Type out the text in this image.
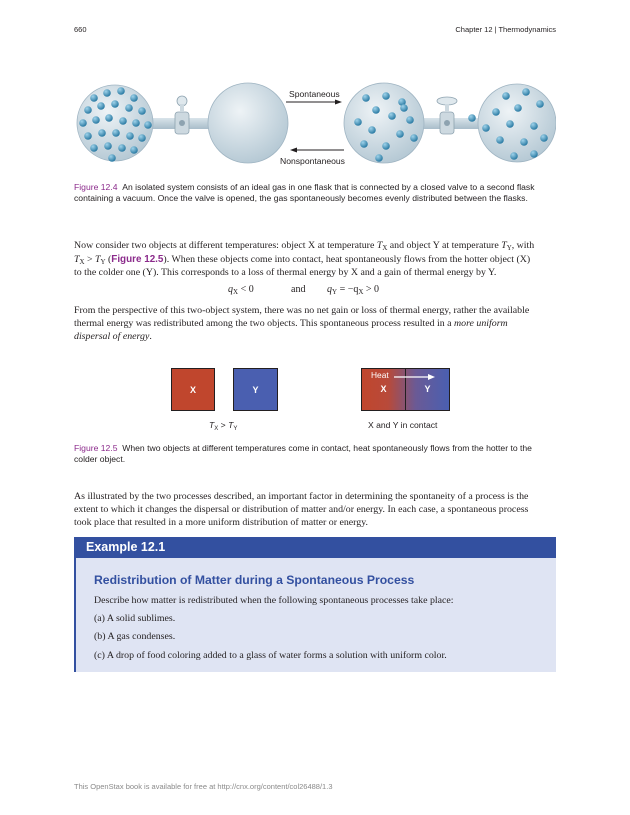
660	Chapter 12 | Thermodynamics
Spontaneous
Nonspontaneous
Figure 12.4 An isolated system consists of an ideal gas in one flask that is connected by a closed valve to a second flask containing a vacuum. Once the valve is opened, the gas spontaneously becomes evenly distributed between the flasks.
Now consider two objects at different temperatures: object X at temperature $T_X$ and object Y at temperature $T_Y$, with
$T_X > T_Y$ (Figure 12.5). When these objects come into contact, heat spontaneously flows from the hotter object (X)
to the colder one (Y). This corresponds to a loss of thermal energy by X and a gain of thermal energy by Y.
$q_X < 0$	and $q_Y = -q_X > 0$
From the perspective of this two-object system, there was no net gain or loss of thermal energy, rather the available
thermal energy was redistributed among the two objects. This spontaneous process resulted in a more uniform
dispersal of energy.
X	Y
$T_X > T_Y$
X	Y
Heat
X and Y in contact
Figure 12.5 When two objects at different temperatures come in contact, heat spontaneously flows from the hotter to the colder object.
As illustrated by the two processes described, an important factor in determining the spontaneity of a process is the
extent to which it changes the dispersal or distribution of matter and/or energy. In each case, a spontaneous process
took place that resulted in a more uniform distribution of matter or energy.
Example 12.1
Redistribution of Matter during a Spontaneous Process
Describe how matter is redistributed when the following spontaneous processes take place:
(a) A solid sublimes.
(b) A gas condenses.
(c) A drop of food coloring added to a glass of water forms a solution with uniform color.
This OpenStax book is available for free at http://cnx.org/content/col26488/1.3
